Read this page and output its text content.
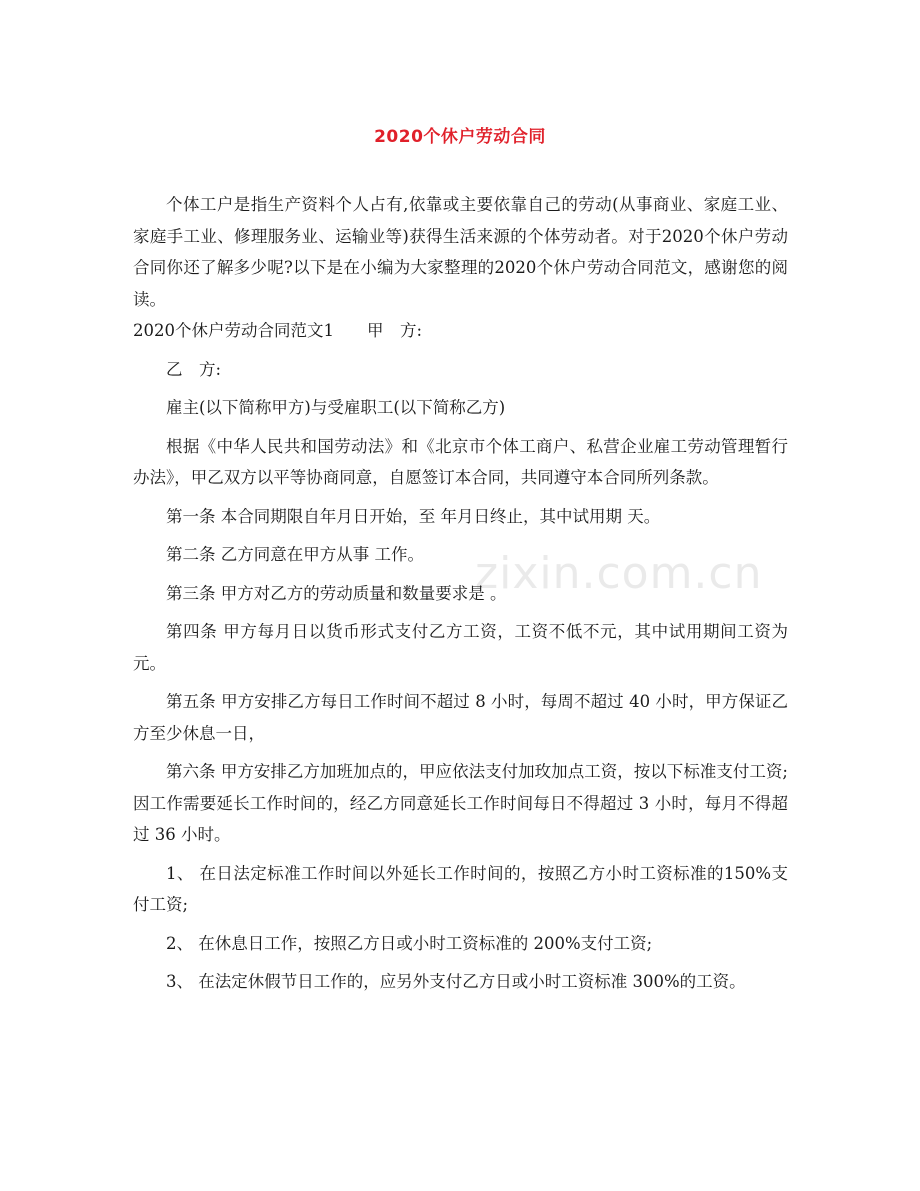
2020个休户劳动合同
zixin.com.cn

个体工户是指生产资料个人占有,依靠或主要依靠自己的劳动(从事商业、家庭工业、家庭手工业、修理服务业、运输业等)获得生活来源的个体劳动者。对于2020个休户劳动合同你还了解多少呢?以下是在小编为大家整理的2020个休户劳动合同范文，感谢您的阅读。

2020个休户劳动合同范文1　　甲　方:

乙　方:

雇主(以下简称甲方)与受雇职工(以下简称乙方)

根据《中华人民共和国劳动法》和《北京市个体工商户、私营企业雇工劳动管理暂行办法》，甲乙双方以平等协商同意，自愿签订本合同，共同遵守本合同所列条款。

第一条 本合同期限自年月日开始，至 年月日终止，其中试用期 天。

第二条 乙方同意在甲方从事 工作。

第三条 甲方对乙方的劳动质量和数量要求是 。

第四条 甲方每月日以货币形式支付乙方工资，工资不低不元，其中试用期间工资为元。

第五条 甲方安排乙方每日工作时间不超过 8 小时，每周不超过 40 小时，甲方保证乙方至少休息一日，

第六条 甲方安排乙方加班加点的，甲应依法支付加玫加点工资，按以下标准支付工资; 因工作需要延长工作时间的，经乙方同意延长工作时间每日不得超过 3 小时，每月不得超过 36 小时。

1、 在日法定标准工作时间以外延长工作时间的，按照乙方小时工资标准的150%支付工资;

2、 在休息日工作，按照乙方日或小时工资标准的 200%支付工资;

3、 在法定休假节日工作的，应另外支付乙方日或小时工资标准 300%的工资。
